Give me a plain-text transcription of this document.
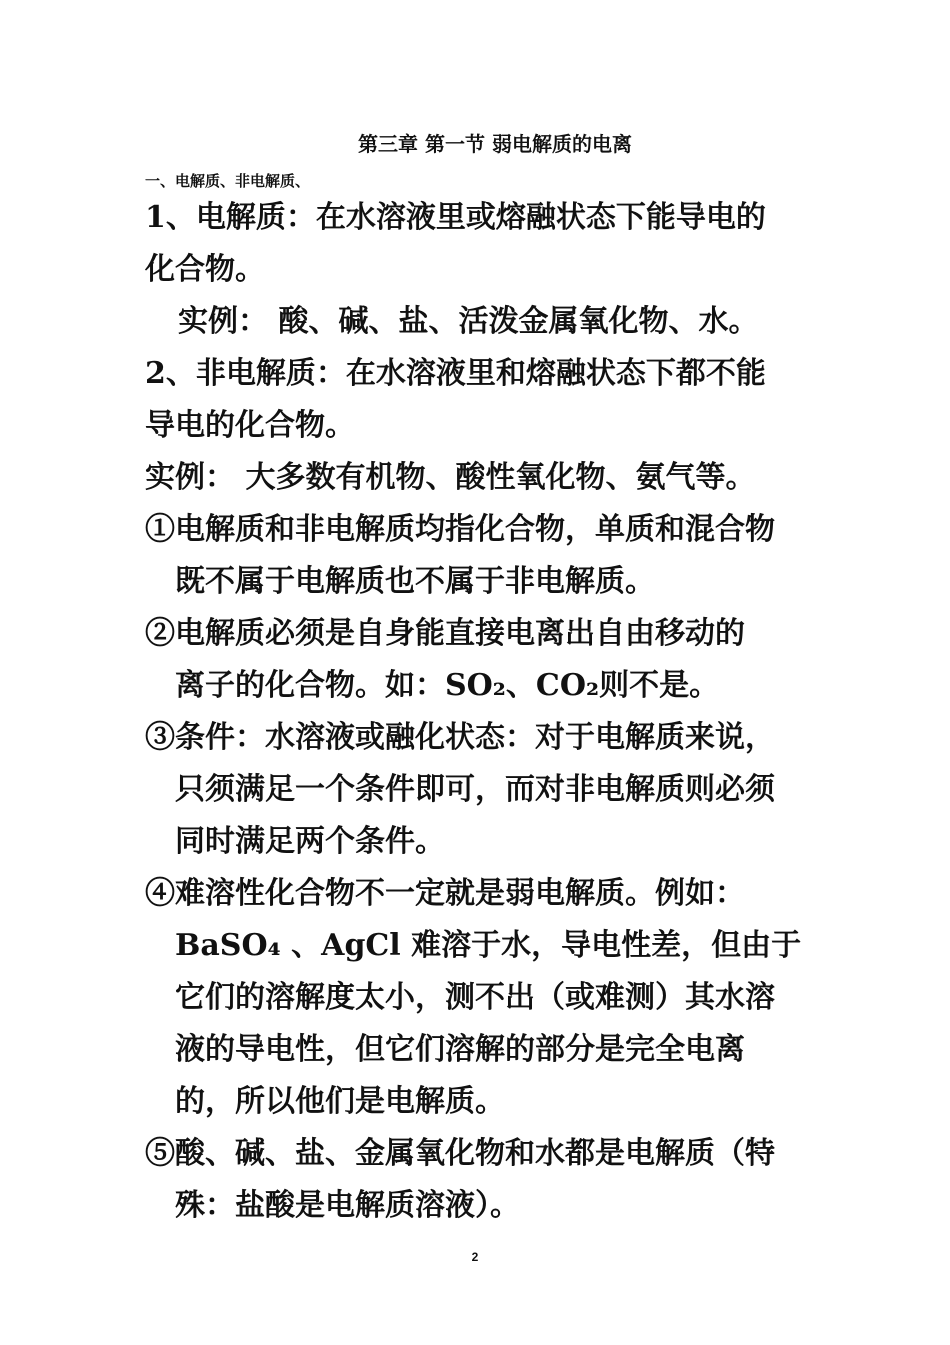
第三章 第一节 弱电解质的电离
一、电解质、非电解质、
1、电解质：在水溶液里或熔融状态下能导电的
化合物。
实例： 酸、碱、盐、活泼金属氧化物、水。
2、非电解质：在水溶液里和熔融状态下都不能
导电的化合物。
实例： 大多数有机物、酸性氧化物、氨气等。
①电解质和非电解质均指化合物，单质和混合物
既不属于电解质也不属于非电解质。
②电解质必须是自身能直接电离出自由移动的
离子的化合物。如：SO₂、CO₂则不是。
③条件：水溶液或融化状态：对于电解质来说，
只须满足一个条件即可，而对非电解质则必须
同时满足两个条件。
④难溶性化合物不一定就是弱电解质。例如：
BaSO₄ 、AgCl 难溶于水，导电性差，但由于
它们的溶解度太小，测不出（或难测）其水溶
液的导电性，但它们溶解的部分是完全电离
的，所以他们是电解质。
⑤酸、碱、盐、金属氧化物和水都是电解质（特
殊：盐酸是电解质溶液）。
2
